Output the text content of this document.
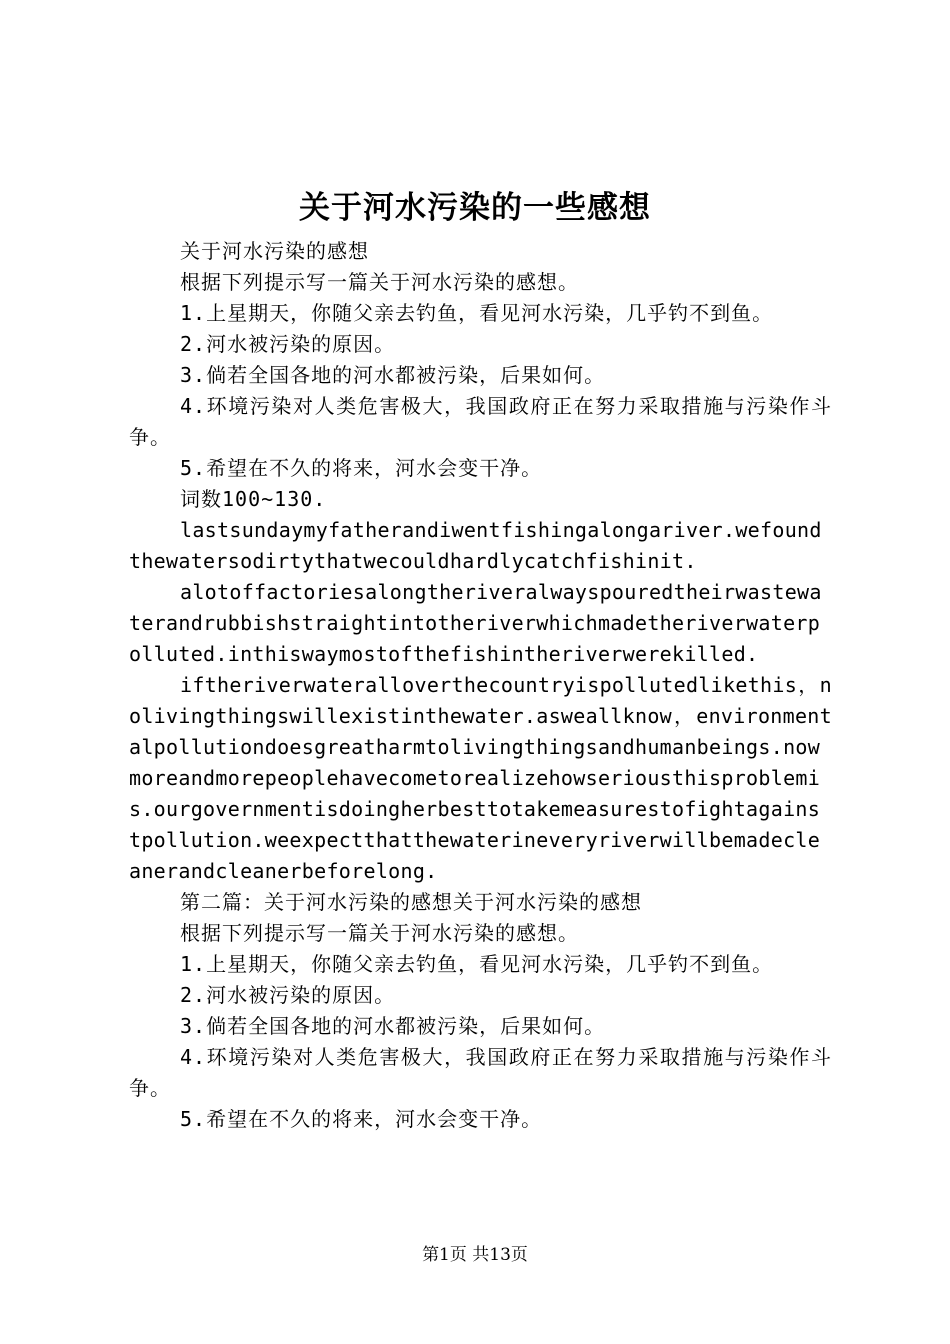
关于河水污染的一些感想

关于河水污染的感想

根据下列提示写一篇关于河水污染的感想。

1.上星期天，你随父亲去钓鱼，看见河水污染，几乎钓不到鱼。

2.河水被污染的原因。

3.倘若全国各地的河水都被污染，后果如何。

4.环境污染对人类危害极大，我国政府正在努力采取措施与污染作斗争。

5.希望在不久的将来，河水会变干净。

词数100~130.

lastsundaymyfatherandiwentfishingalongariver.wefoundthewatersodirtythatwecouldhardlycatchfishinit.

alotoffactoriesalongtheriveralwayspouredtheirwastewaterandrubbishstraightintotheriverwhichmadetheriverwaterpolluted.inthiswaymostofthefishintheriverwerekilled.

iftheriverwateralloverthecountryispollutedlikethis，nolivingthingswillexistinthewater.asweallknow，environmentalpollutiondoesgreatharmtolivingthingsandhumanbeings.nowmoreandmorepeoplehavecometorealizehowseriousthisproblemis.ourgovernmentisdoingherbesttotakemeasurestofightagainstpollution.weexpectthatthewaterineveryriverwillbemadecleanerandcleanerbeforelong.

第二篇：关于河水污染的感想关于河水污染的感想

根据下列提示写一篇关于河水污染的感想。

1.上星期天，你随父亲去钓鱼，看见河水污染，几乎钓不到鱼。

2.河水被污染的原因。

3.倘若全国各地的河水都被污染，后果如何。

4.环境污染对人类危害极大，我国政府正在努力采取措施与污染作斗争。

5.希望在不久的将来，河水会变干净。

第1页 共13页
